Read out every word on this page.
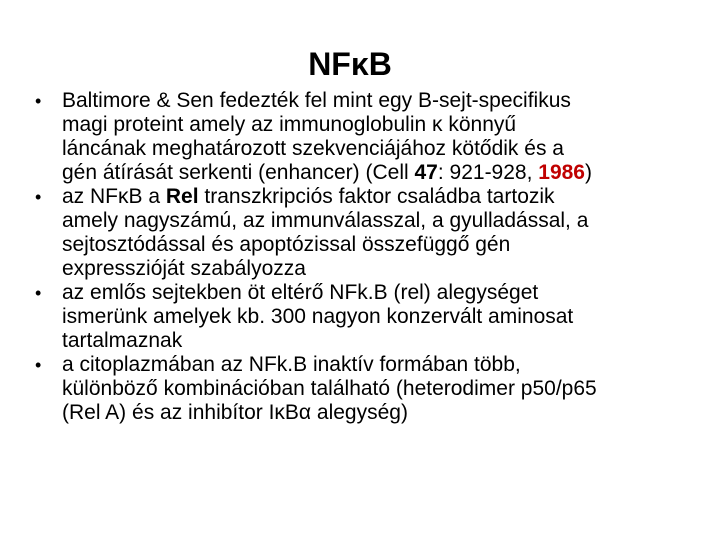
NFκB
• Baltimore & Sen fedezték fel mint egy B-sejt-specifikus
magi proteint amely az immunoglobulin κ könnyű
láncának meghatározott szekvenciájához kötődik és a
gén átírását serkenti (enhancer) (Cell 47: 921-928, 1986)
• az NFκB a Rel transzkripciós faktor családba tartozik
amely nagyszámú, az immunválasszal, a gyulladással, a
sejtosztódással és apoptózissal összefüggő gén
expresszióját szabályozza
• az emlős sejtekben öt eltérő NFk.B (rel) alegységet
ismerünk amelyek kb. 300 nagyon konzervált aminosat
tartalmaznak
• a citoplazmában az NFk.B inaktív formában több,
különböző kombinációban található (heterodimer p50/p65
(Rel A) és az inhibítor IκBα alegység)
